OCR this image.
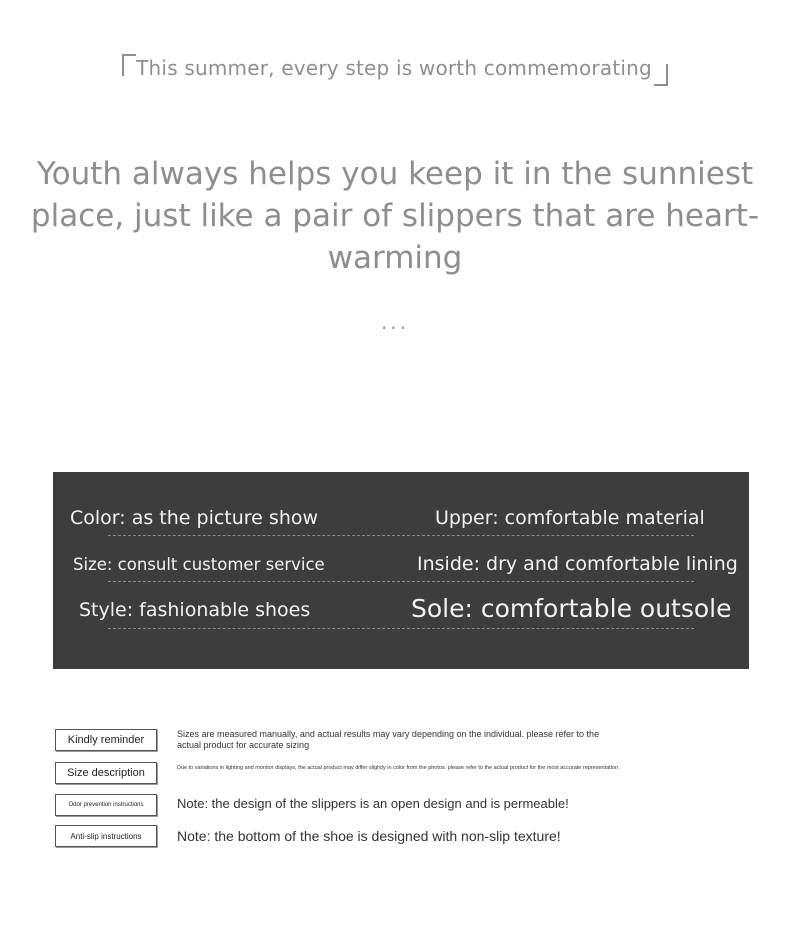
This summer, every step is worth commemorating
Youth always helps you keep it in the sunniest place, just like a pair of slippers that are heart-warming
...
Color: as the picture show	Upper: comfortable material
Size: consult customer service	Inside: dry and comfortable lining
Style: fashionable shoes	Sole: comfortable outsole
Kindly reminder	Sizes are measured manually, and actual results may vary depending on the individual. please refer to the actual product for accurate sizing
Size description	Due to variations in lighting and monitor displays, the actual product may differ slightly in color from the photos. please refer to the actual product for the most accurate representation
Odor prevention instructions	Note: the design of the slippers is an open design and is permeable!
Anti-slip instructions	Note: the bottom of the shoe is designed with non-slip texture!
